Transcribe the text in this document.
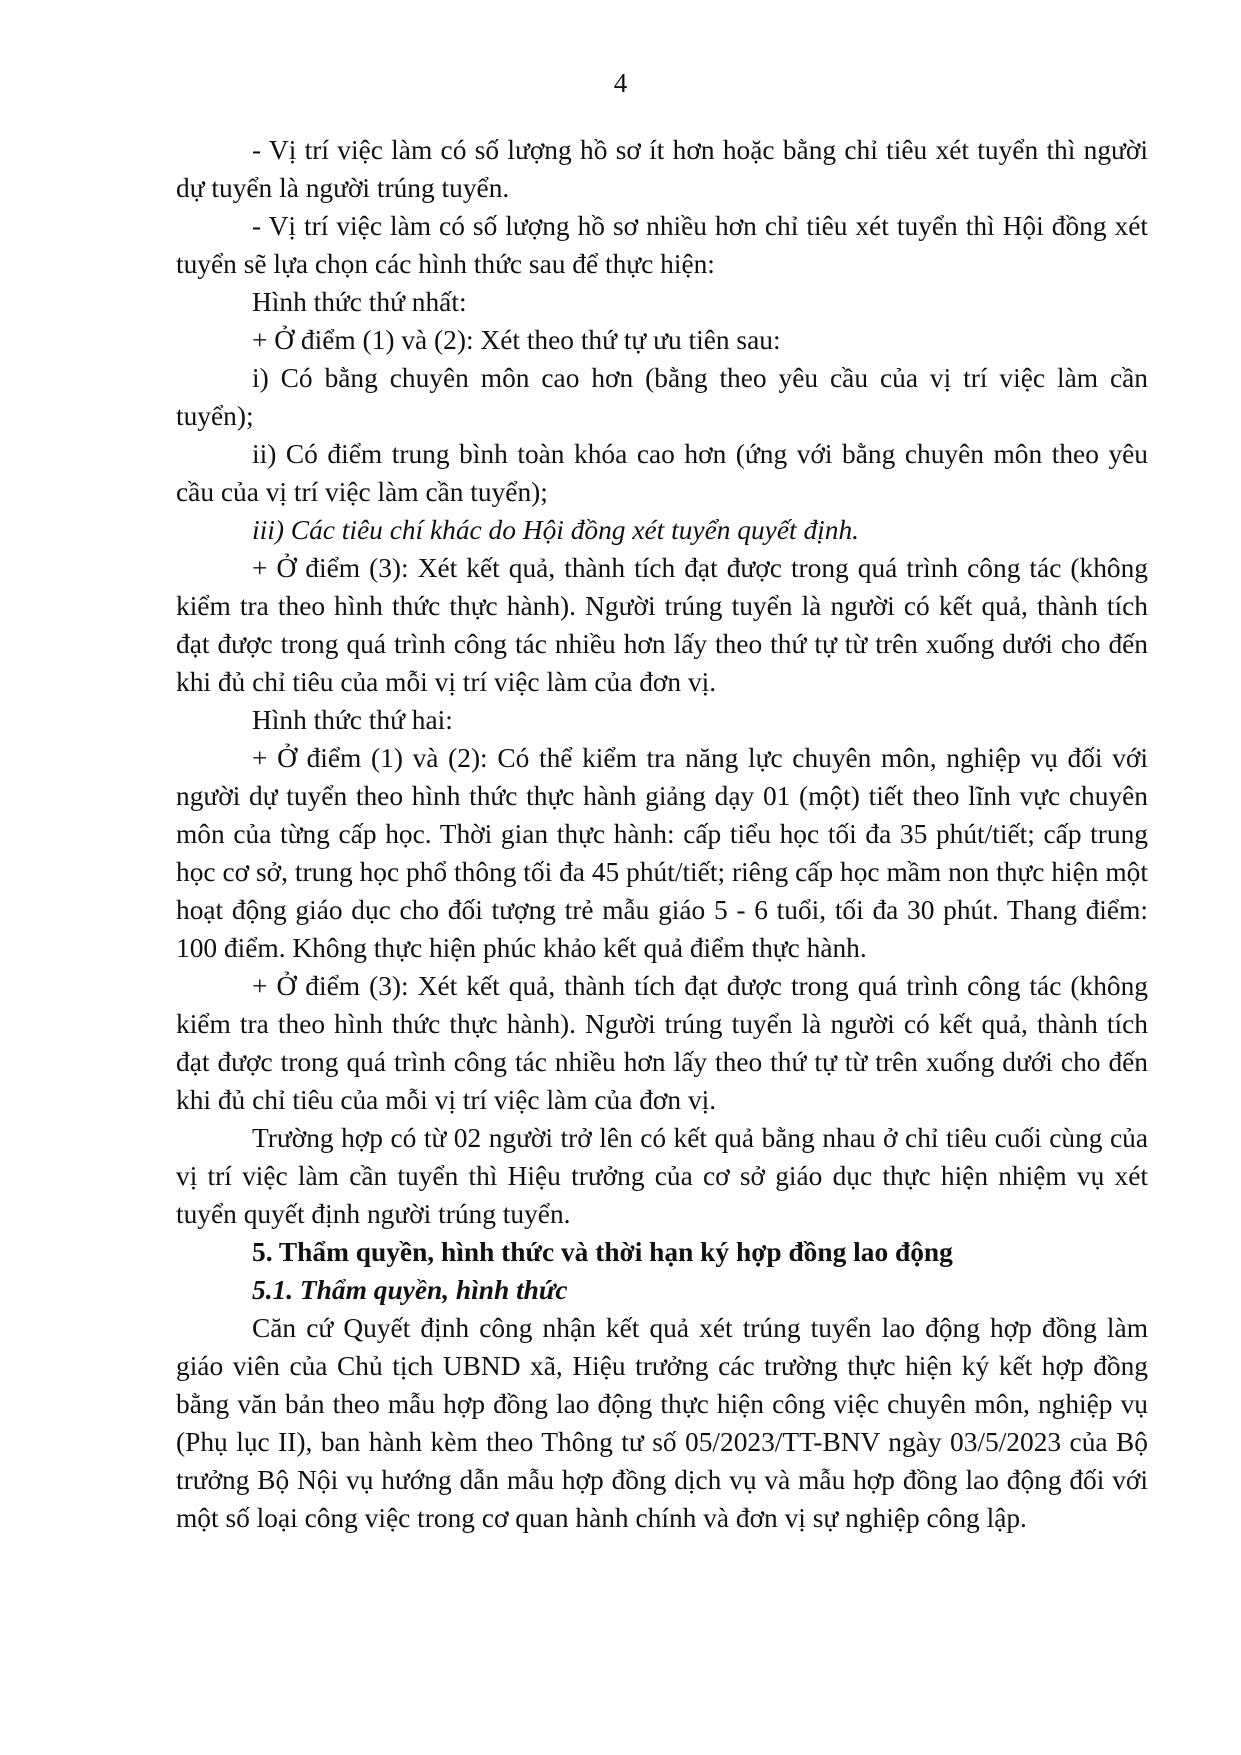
4

- Vị trí việc làm có số lượng hồ sơ ít hơn hoặc bằng chỉ tiêu xét tuyển thì người dự tuyển là người trúng tuyển.

- Vị trí việc làm có số lượng hồ sơ nhiều hơn chỉ tiêu xét tuyển thì Hội đồng xét tuyển sẽ lựa chọn các hình thức sau để thực hiện:

Hình thức thứ nhất:

+ Ở điểm (1) và (2): Xét theo thứ tự ưu tiên sau:

i) Có bằng chuyên môn cao hơn (bằng theo yêu cầu của vị trí việc làm cần tuyển);

ii) Có điểm trung bình toàn khóa cao hơn (ứng với bằng chuyên môn theo yêu cầu của vị trí việc làm cần tuyển);

iii) Các tiêu chí khác do Hội đồng xét tuyển quyết định.

+ Ở điểm (3): Xét kết quả, thành tích đạt được trong quá trình công tác (không kiểm tra theo hình thức thực hành). Người trúng tuyển là người có kết quả, thành tích đạt được trong quá trình công tác nhiều hơn lấy theo thứ tự từ trên xuống dưới cho đến khi đủ chỉ tiêu của mỗi vị trí việc làm của đơn vị.

Hình thức thứ hai:

+ Ở điểm (1) và (2): Có thể kiểm tra năng lực chuyên môn, nghiệp vụ đối với người dự tuyển theo hình thức thực hành giảng dạy 01 (một) tiết theo lĩnh vực chuyên môn của từng cấp học. Thời gian thực hành: cấp tiểu học tối đa 35 phút/tiết; cấp trung học cơ sở, trung học phổ thông tối đa 45 phút/tiết; riêng cấp học mầm non thực hiện một hoạt động giáo dục cho đối tượng trẻ mẫu giáo 5 - 6 tuổi, tối đa 30 phút. Thang điểm: 100 điểm. Không thực hiện phúc khảo kết quả điểm thực hành.

+ Ở điểm (3): Xét kết quả, thành tích đạt được trong quá trình công tác (không kiểm tra theo hình thức thực hành). Người trúng tuyển là người có kết quả, thành tích đạt được trong quá trình công tác nhiều hơn lấy theo thứ tự từ trên xuống dưới cho đến khi đủ chỉ tiêu của mỗi vị trí việc làm của đơn vị.

Trường hợp có từ 02 người trở lên có kết quả bằng nhau ở chỉ tiêu cuối cùng của vị trí việc làm cần tuyển thì Hiệu trưởng của cơ sở giáo dục thực hiện nhiệm vụ xét tuyển quyết định người trúng tuyển.

5. Thẩm quyền, hình thức và thời hạn ký hợp đồng lao động

5.1. Thẩm quyền, hình thức

Căn cứ Quyết định công nhận kết quả xét trúng tuyển lao động hợp đồng làm giáo viên của Chủ tịch UBND xã, Hiệu trưởng các trường thực hiện ký kết hợp đồng bằng văn bản theo mẫu hợp đồng lao động thực hiện công việc chuyên môn, nghiệp vụ (Phụ lục II), ban hành kèm theo Thông tư số 05/2023/TT-BNV ngày 03/5/2023 của Bộ trưởng Bộ Nội vụ hướng dẫn mẫu hợp đồng dịch vụ và mẫu hợp đồng lao động đối với một số loại công việc trong cơ quan hành chính và đơn vị sự nghiệp công lập.
